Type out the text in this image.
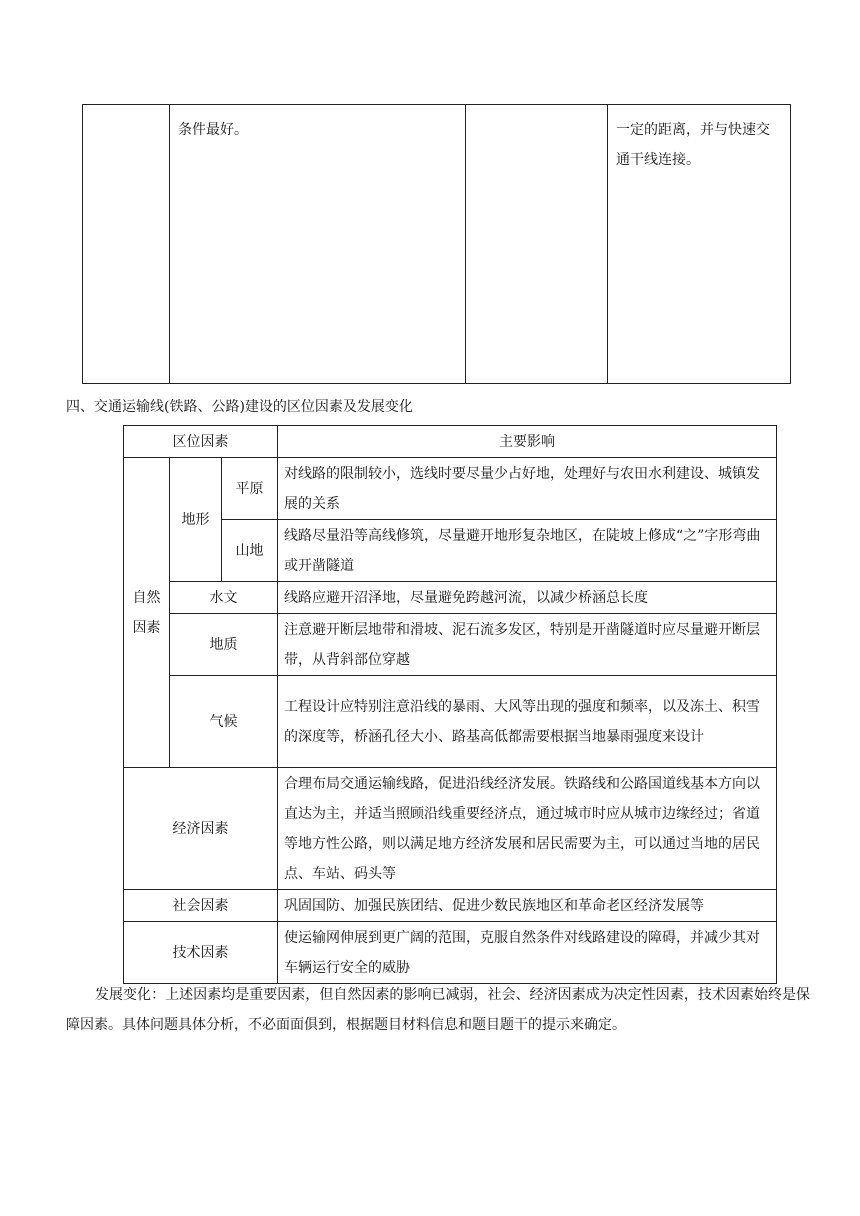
	条件最好。		一定的距离，并与快速交通干线连接。
四、交通运输线(铁路、公路)建设的区位因素及发展变化
区位因素			主要影响
自然因素	地形	平原	对线路的限制较小，选线时要尽量少占好地，处理好与农田水利建设、城镇发展的关系
		山地	线路尽量沿等高线修筑，尽量避开地形复杂地区，在陡坡上修成“之”字形弯曲或开凿隧道
	水文		线路应避开沼泽地，尽量避免跨越河流，以减少桥涵总长度
	地质		注意避开断层地带和滑坡、泥石流多发区，特别是开凿隧道时应尽量避开断层带，从背斜部位穿越
	气候		工程设计应特别注意沿线的暴雨、大风等出现的强度和频率，以及冻土、积雪的深度等，桥涵孔径大小、路基高低都需要根据当地暴雨强度来设计
经济因素			合理布局交通运输线路，促进沿线经济发展。铁路线和公路国道线基本方向以直达为主，并适当照顾沿线重要经济点，通过城市时应从城市边缘经过；省道等地方性公路，则以满足地方经济发展和居民需要为主，可以通过当地的居民点、车站、码头等
社会因素			巩固国防、加强民族团结、促进少数民族地区和革命老区经济发展等
技术因素			使运输网伸展到更广阔的范围，克服自然条件对线路建设的障碍，并减少其对车辆运行安全的威胁
发展变化：上述因素均是重要因素，但自然因素的影响已减弱，社会、经济因素成为决定性因素，技术因素始终是保障因素。具体问题具体分析，不必面面俱到，根据题目材料信息和题目题干的提示来确定。
